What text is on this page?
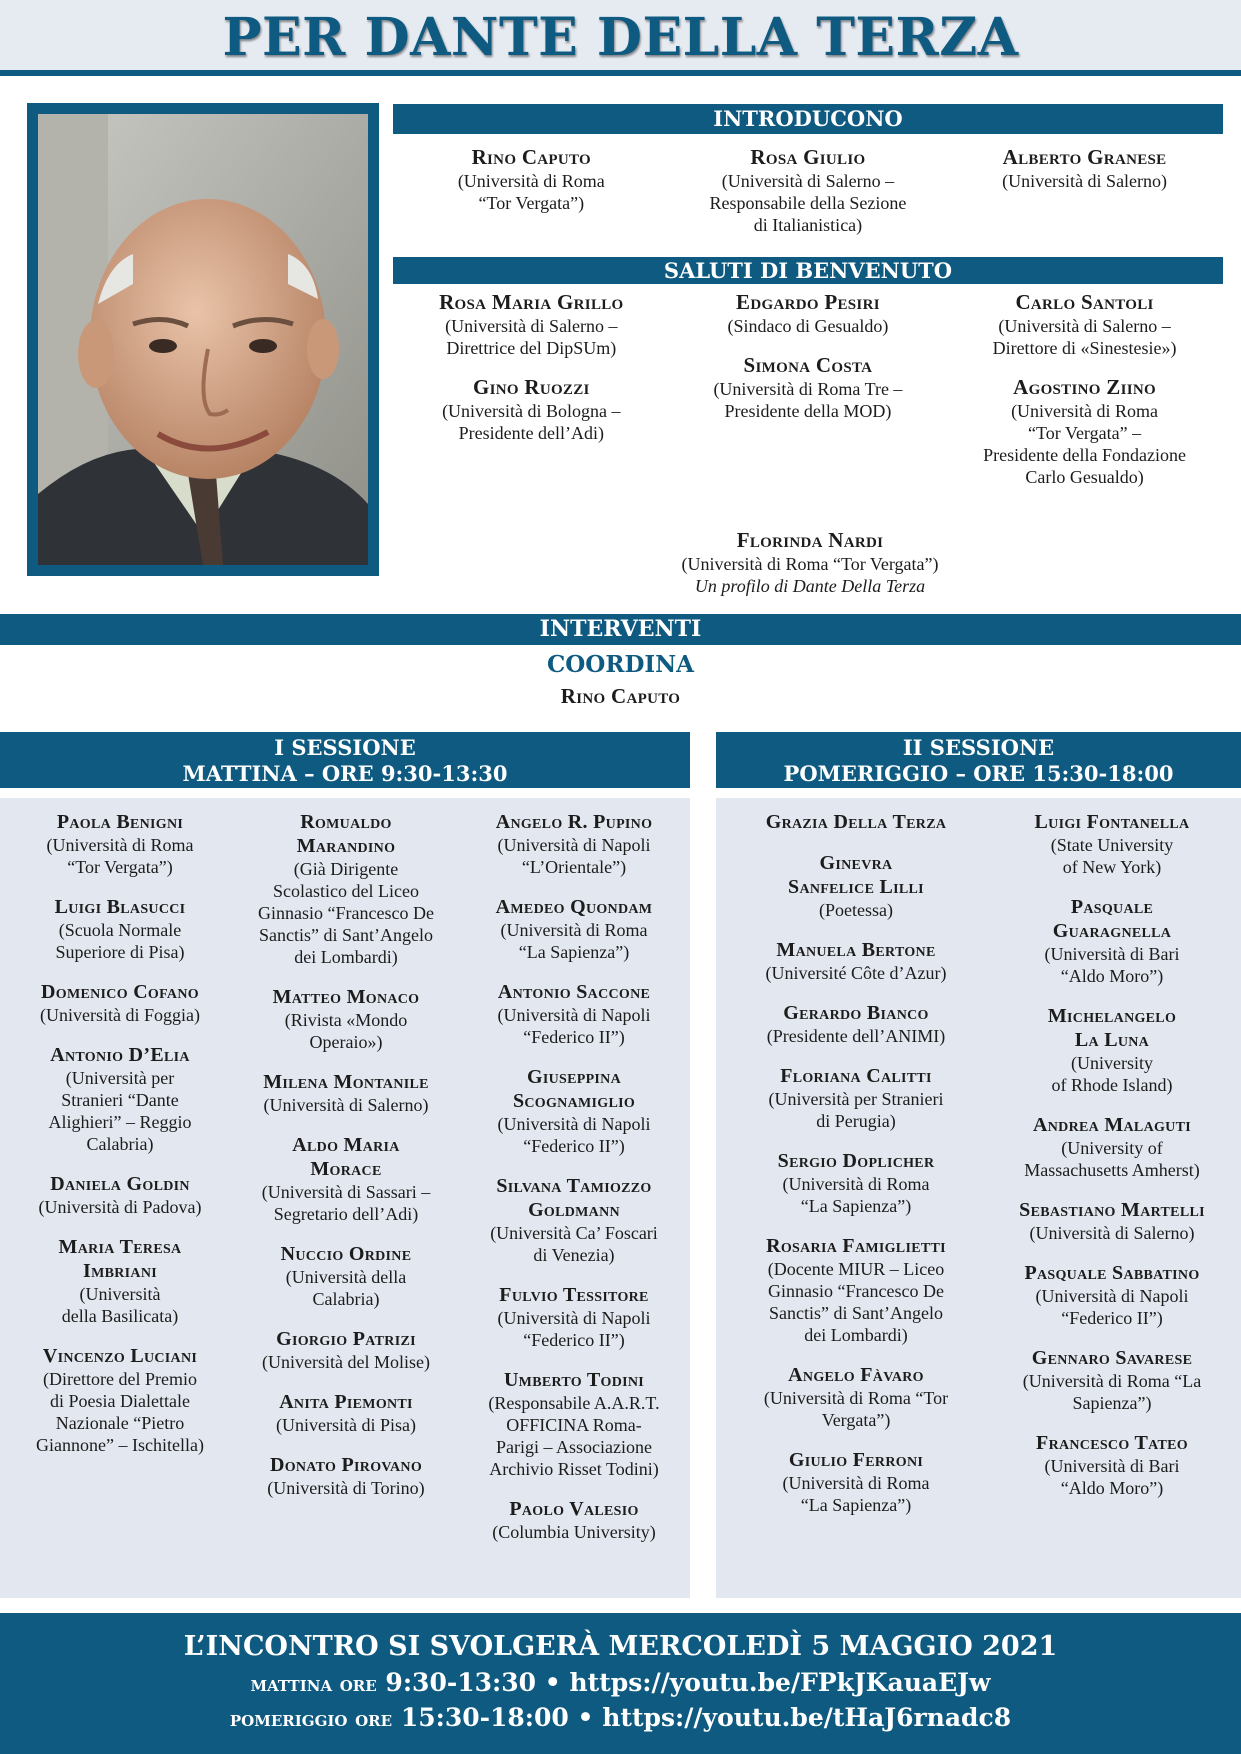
PER DANTE DELLA TERZA
INTRODUCONO
Rino Caputo
(Università di Roma
“Tor Vergata”)
Rosa Giulio
(Università di Salerno –
Responsabile della Sezione
di Italianistica)
Alberto Granese
(Università di Salerno)
SALUTI DI BENVENUTO
Rosa Maria Grillo
(Università di Salerno –
Direttrice del DipSUm)
Gino Ruozzi
(Università di Bologna –
Presidente dell’Adi)
Edgardo Pesiri
(Sindaco di Gesualdo)
Simona Costa
(Università di Roma Tre –
Presidente della MOD)
Carlo Santoli
(Università di Salerno –
Direttore di «Sinestesie»)
Agostino Ziino
(Università di Roma
“Tor Vergata” –
Presidente della Fondazione
Carlo Gesualdo)
Florinda Nardi
(Università di Roma “Tor Vergata”)
Un profilo di Dante Della Terza
INTERVENTI
COORDINA
Rino Caputo
I SESSIONE
MATTINA – ORE 9:30-13:30
II SESSIONE
POMERIGGIO – ORE 15:30-18:00
Paola Benigni
(Università di Roma
“Tor Vergata”)
Luigi Blasucci
(Scuola Normale
Superiore di Pisa)
Domenico Cofano
(Università di Foggia)
Antonio D’Elia
(Università per
Stranieri “Dante
Alighieri” – Reggio
Calabria)
Daniela Goldin
(Università di Padova)
Maria Teresa
Imbriani
(Università
della Basilicata)
Vincenzo Luciani
(Direttore del Premio
di Poesia Dialettale
Nazionale “Pietro
Giannone” – Ischitella)
Romualdo
Marandino
(Già Dirigente
Scolastico del Liceo
Ginnasio “Francesco De
Sanctis” di Sant’Angelo
dei Lombardi)
Matteo Monaco
(Rivista «Mondo
Operaio»)
Milena Montanile
(Università di Salerno)
Aldo Maria
Morace
(Università di Sassari –
Segretario dell’Adi)
Nuccio Ordine
(Università della
Calabria)
Giorgio Patrizi
(Università del Molise)
Anita Piemonti
(Università di Pisa)
Donato Pirovano
(Università di Torino)
Angelo R. Pupino
(Università di Napoli
“L’Orientale”)
Amedeo Quondam
(Università di Roma
“La Sapienza”)
Antonio Saccone
(Università di Napoli
“Federico II”)
Giuseppina
Scognamiglio
(Università di Napoli
“Federico II”)
Silvana Tamiozzo
Goldmann
(Università Ca’ Foscari
di Venezia)
Fulvio Tessitore
(Università di Napoli
“Federico II”)
Umberto Todini
(Responsabile A.A.R.T.
OFFICINA Roma-
Parigi – Associazione
Archivio Risset Todini)
Paolo Valesio
(Columbia University)
Grazia Della Terza
Ginevra
Sanfelice Lilli
(Poetessa)
Manuela Bertone
(Université Côte d’Azur)
Gerardo Bianco
(Presidente dell’ANIMI)
Floriana Calitti
(Università per Stranieri
di Perugia)
Sergio Doplicher
(Università di Roma
“La Sapienza”)
Rosaria Famiglietti
(Docente MIUR – Liceo
Ginnasio “Francesco De
Sanctis” di Sant’Angelo
dei Lombardi)
Angelo Fàvaro
(Università di Roma “Tor
Vergata”)
Giulio Ferroni
(Università di Roma
“La Sapienza”)
Luigi Fontanella
(State University
of New York)
Pasquale
Guaragnella
(Università di Bari
“Aldo Moro”)
Michelangelo
La Luna
(University
of Rhode Island)
Andrea Malaguti
(University of
Massachusetts Amherst)
Sebastiano Martelli
(Università di Salerno)
Pasquale Sabbatino
(Università di Napoli
“Federico II”)
Gennaro Savarese
(Università di Roma “La
Sapienza”)
Francesco Tateo
(Università di Bari
“Aldo Moro”)
L’INCONTRO SI SVOLGERÀ MERCOLEDÌ 5 MAGGIO 2021
mattina ore 9:30-13:30 • https://youtu.be/FPkJKauaEJw
pomeriggio ore 15:30-18:00 • https://youtu.be/tHaJ6rnadc8
